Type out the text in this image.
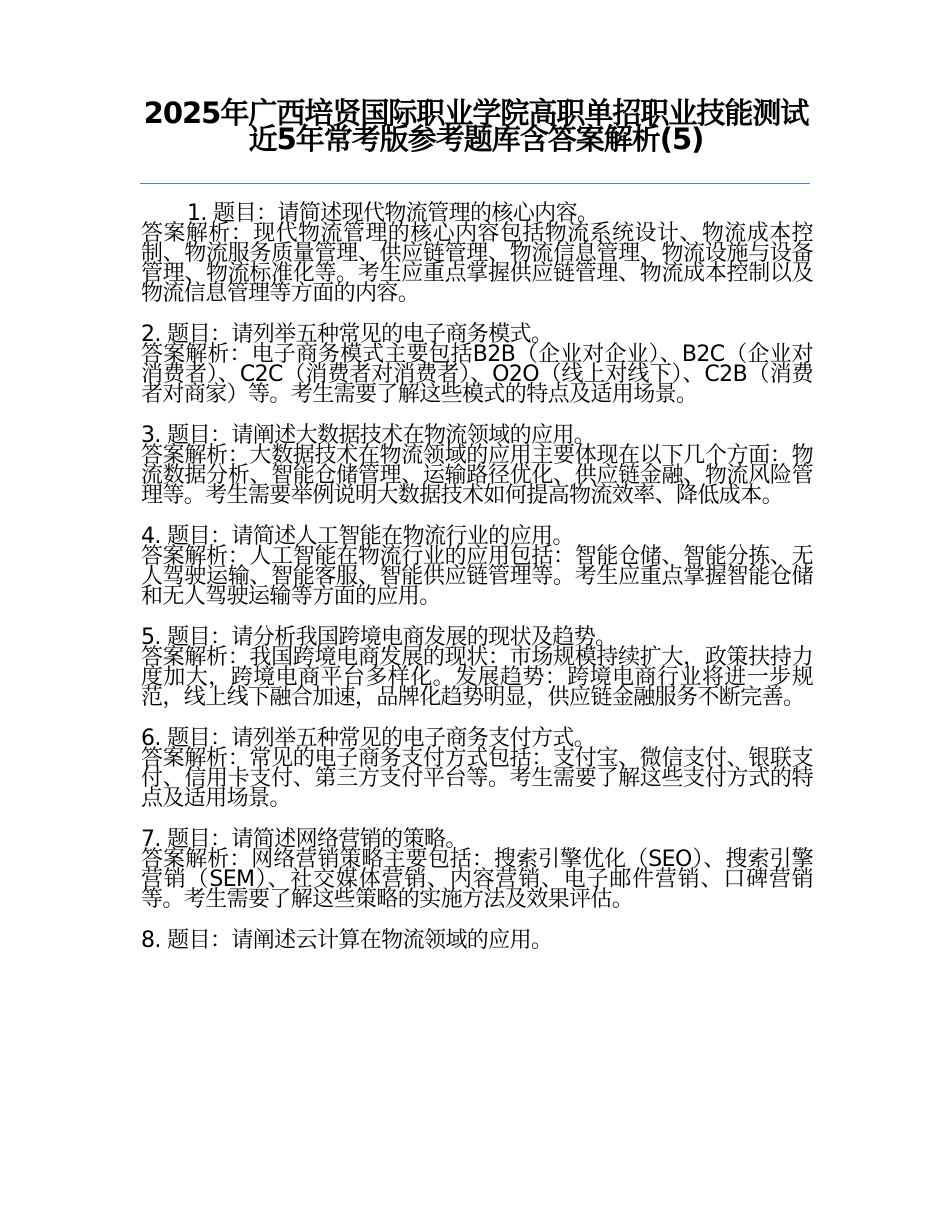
2025年广西培贤国际职业学院高职单招职业技能测试近5年常考版参考题库含答案解析(5)

1. 题目：请简述现代物流管理的核心内容。

答案解析：现代物流管理的核心内容包括物流系统设计、物流成本控制、物流服务质量管理、供应链管理、物流信息管理、物流设施与设备管理、物流标准化等。考生应重点掌握供应链管理、物流成本控制以及物流信息管理等方面的内容。

2. 题目：请列举五种常见的电子商务模式。

答案解析：电子商务模式主要包括B2B（企业对企业）、B2C（企业对消费者）、C2C（消费者对消费者）、O2O（线上对线下）、C2B（消费者对商家）等。考生需要了解这些模式的特点及适用场景。

3. 题目：请阐述大数据技术在物流领域的应用。

答案解析：大数据技术在物流领域的应用主要体现在以下几个方面：物流数据分析、智能仓储管理、运输路径优化、供应链金融、物流风险管理等。考生需要举例说明大数据技术如何提高物流效率、降低成本。

4. 题目：请简述人工智能在物流行业的应用。

答案解析：人工智能在物流行业的应用包括：智能仓储、智能分拣、无人驾驶运输、智能客服、智能供应链管理等。考生应重点掌握智能仓储和无人驾驶运输等方面的应用。

5. 题目：请分析我国跨境电商发展的现状及趋势。

答案解析：我国跨境电商发展的现状：市场规模持续扩大，政策扶持力度加大，跨境电商平台多样化。发展趋势：跨境电商行业将进一步规范，线上线下融合加速，品牌化趋势明显，供应链金融服务不断完善。

6. 题目：请列举五种常见的电子商务支付方式。

答案解析：常见的电子商务支付方式包括：支付宝、微信支付、银联支付、信用卡支付、第三方支付平台等。考生需要了解这些支付方式的特点及适用场景。

7. 题目：请简述网络营销的策略。

答案解析：网络营销策略主要包括：搜索引擎优化（SEO）、搜索引擎营销（SEM）、社交媒体营销、内容营销、电子邮件营销、口碑营销等。考生需要了解这些策略的实施方法及效果评估。

8. 题目：请阐述云计算在物流领域的应用。
